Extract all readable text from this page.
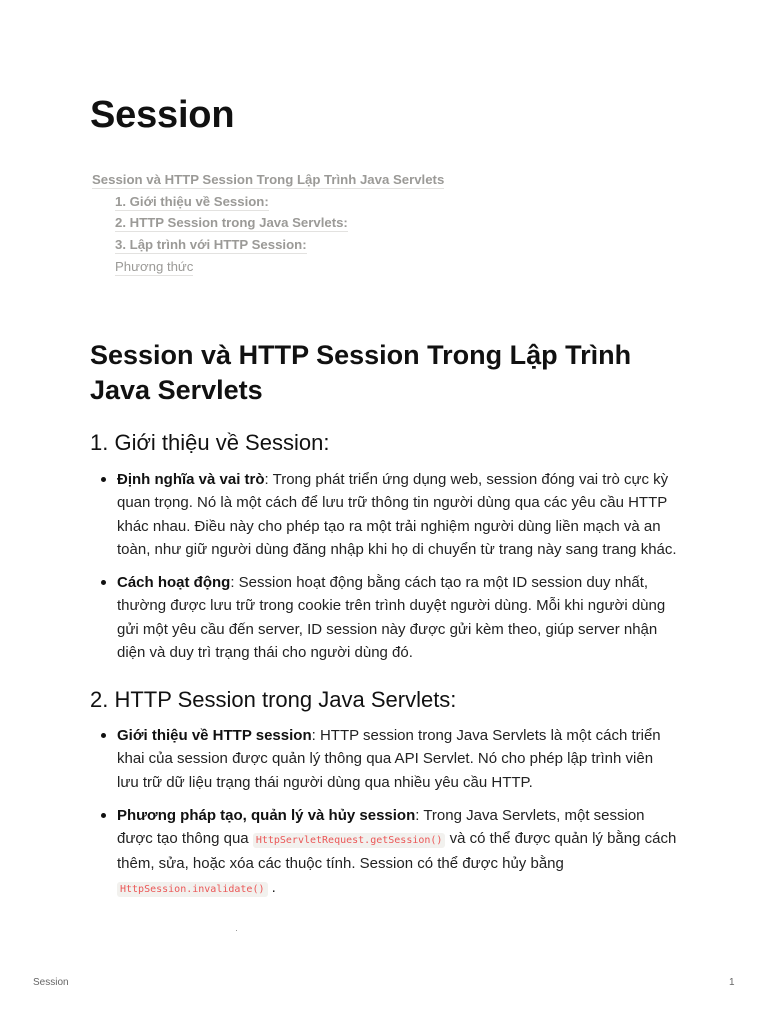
Session
Session và HTTP Session Trong Lập Trình Java Servlets
1. Giới thiệu về Session:
2. HTTP Session trong Java Servlets:
3. Lập trình với HTTP Session:
Phương thức
Session và HTTP Session Trong Lập Trình Java Servlets
1. Giới thiệu về Session:
Định nghĩa và vai trò: Trong phát triển ứng dụng web, session đóng vai trò cực kỳ quan trọng. Nó là một cách để lưu trữ thông tin người dùng qua các yêu cầu HTTP khác nhau. Điều này cho phép tạo ra một trải nghiệm người dùng liền mạch và an toàn, như giữ người dùng đăng nhập khi họ di chuyển từ trang này sang trang khác.
Cách hoạt động: Session hoạt động bằng cách tạo ra một ID session duy nhất, thường được lưu trữ trong cookie trên trình duyệt người dùng. Mỗi khi người dùng gửi một yêu cầu đến server, ID session này được gửi kèm theo, giúp server nhận diện và duy trì trạng thái cho người dùng đó.
2. HTTP Session trong Java Servlets:
Giới thiệu về HTTP session: HTTP session trong Java Servlets là một cách triển khai của session được quản lý thông qua API Servlet. Nó cho phép lập trình viên lưu trữ dữ liệu trạng thái người dùng qua nhiều yêu cầu HTTP.
Phương pháp tạo, quản lý và hủy session: Trong Java Servlets, một session được tạo thông qua HttpServletRequest.getSession() và có thể được quản lý bằng cách thêm, sửa, hoặc xóa các thuộc tính. Session có thể được hủy bằng HttpSession.invalidate() .
Session	1
